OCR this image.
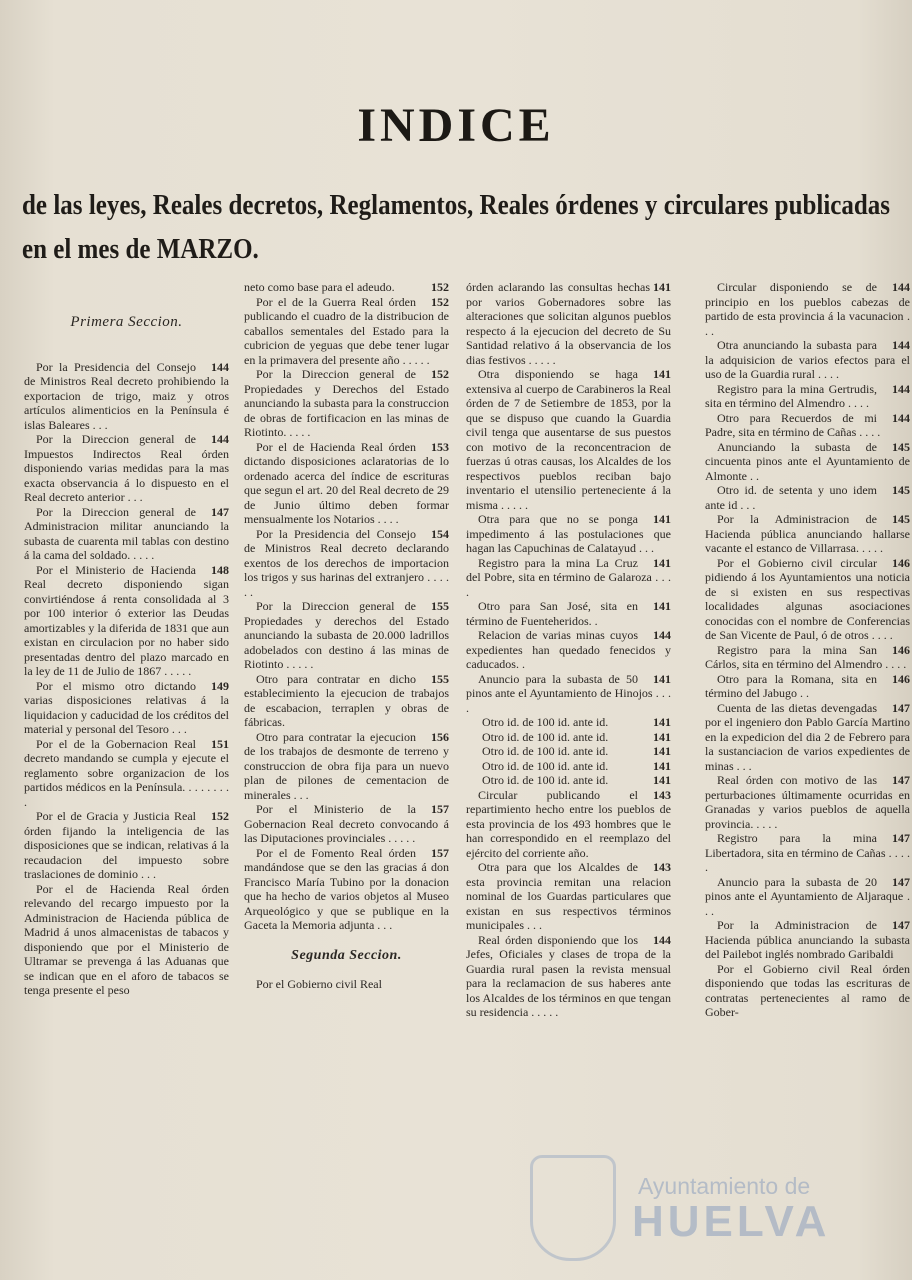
INDICE
de las leyes, Reales decretos, Reglamentos, Reales órdenes y circulares publicadas en el mes de MARZO.
Primera Seccion.

144
Por la Presidencia del Consejo de Ministros Real decreto prohibiendo la exportacion de trigo, maiz y otros artículos alimenticios en la Península é islas Baleares . . .

144
Por la Direccion general de Impuestos Indirectos Real órden disponiendo varias medidas para la mas exacta observancia á lo dispuesto en el Real decreto anterior . . .

147
Por la Direccion general de Administracion militar anunciando la subasta de cuarenta mil tablas con destino á la cama del soldado. . . . .

148
Por el Ministerio de Hacienda Real decreto disponiendo sigan convirtiéndose á renta consolidada al 3 por 100 interior ó exterior las Deudas amortizables y la diferida de 1831 que aun existan en circulacion por no haber sido presentadas dentro del plazo marcado en la ley de 11 de Julio de 1867 . . . . .

149
Por el mismo otro dictando varias disposiciones relativas á la liquidacion y caducidad de los créditos del material y personal del Tesoro . . .

151
Por el de la Gobernacion Real decreto mandando se cumpla y ejecute el reglamento sobre organizacion de los partidos médicos en la Península. . . . . . . . .

152
Por el de Gracia y Justicia Real órden fijando la inteligencia de las disposiciones que se indican, relativas á la recaudacion del impuesto sobre traslaciones de dominio . . .

Por el de Hacienda Real órden relevando del recargo impuesto por la Administracion de Hacienda pública de Madrid á unos almacenistas de tabacos y disponiendo que por el Ministerio de Ultramar se prevenga á las Aduanas que se indican que en el aforo de tabacos se tenga presente el peso

152
neto como base para el adeudo.

152
Por el de la Guerra Real órden publicando el cuadro de la distribucion de caballos sementales del Estado para la cubricion de yeguas que debe tener lugar en la primavera del presente año . . . . .

152
Por la Direccion general de Propiedades y Derechos del Estado anunciando la subasta para la construccion de obras de fortificacion en las minas de Riotinto. . . . .

153
Por el de Hacienda Real órden dictando disposiciones aclaratorias de lo ordenado acerca del índice de escrituras que segun el art. 20 del Real decreto de 29 de Junio último deben formar mensualmente los Notarios . . . .

154
Por la Presidencia del Consejo de Ministros Real decreto declarando exentos de los derechos de importacion los trigos y sus harinas del extranjero . . . . . .

155
Por la Direccion general de Propiedades y derechos del Estado anunciando la subasta de 20.000 ladrillos adobelados con destino á las minas de Riotinto . . . . .

155
Otro para contratar en dicho establecimiento la ejecucion de trabajos de escabacion, terraplen y obras de fábricas.

156
Otro para contratar la ejecucion de los trabajos de desmonte de terreno y construccion de obra fija para un nuevo plan de pilones de cementacion de minerales . . .

157
Por el Ministerio de la Gobernacion Real decreto convocando á las Diputaciones provinciales . . . . .

157
Por el de Fomento Real órden mandándose que se den las gracias á don Francisco María Tubino por la donacion que ha hecho de varios objetos al Museo Arqueológico y que se publique en la Gaceta la Memoria adjunta . . .

Segunda Seccion.

Por el Gobierno civil Real

141
órden aclarando las consultas hechas por varios Gobernadores sobre las alteraciones que solicitan algunos pueblos respecto á la ejecucion del decreto de Su Santidad relativo á la observancia de los dias festivos . . . . .

141
Otra disponiendo se haga extensiva al cuerpo de Carabineros la Real órden de 7 de Setiembre de 1853, por la que se dispuso que cuando la Guardia civil tenga que ausentarse de sus puestos con motivo de la reconcentracion de fuerzas ú otras causas, los Alcaldes de los respectivos pueblos reciban bajo inventario el utensilio perteneciente á la misma . . . . .

141
Otra para que no se ponga impedimento á las postulaciones que hagan las Capuchinas de Calatayud . . .

141
Registro para la mina La Cruz del Pobre, sita en término de Galaroza . . . .

141
Otro para San José, sita en término de Fuenteheridos. .

144
Relacion de varias minas cuyos expedientes han quedado fenecidos y caducados. .

141
Anuncio para la subasta de 50 pinos ante el Ayuntamiento de Hinojos . . . .

141
Otro id. de 100 id. ante id.

141
Otro id. de 100 id. ante id.

141
Otro id. de 100 id. ante id.

141
Otro id. de 100 id. ante id.

141
Otro id. de 100 id. ante id.

143
Circular publicando el repartimiento hecho entre los pueblos de esta provincia de los 493 hombres que le han correspondido en el reemplazo del ejército del corriente año.

143
Otra para que los Alcaldes de esta provincia remitan una relacion nominal de los Guardas particulares que existan en sus respectivos términos municipales . . .

144
Real órden disponiendo que los Jefes, Oficiales y clases de tropa de la Guardia rural pasen la revista mensual para la reclamacion de sus haberes ante los Alcaldes de los términos en que tengan su residencia . . . . .

144
Circular disponiendo se de principio en los pueblos cabezas de partido de esta provincia á la vacunacion . . .

144
Otra anunciando la subasta para la adquisicion de varios efectos para el uso de la Guardia rural . . . .

144
Registro para la mina Gertrudis, sita en término del Almendro . . . .

144
Otro para Recuerdos de mi Padre, sita en término de Cañas . . . .

145
Anunciando la subasta de cincuenta pinos ante el Ayuntamiento de Almonte . .

145
Otro id. de setenta y uno idem ante id . . .

145
Por la Administracion de Hacienda pública anunciando hallarse vacante el estanco de Villarrasa. . . . .

146
Por el Gobierno civil circular pidiendo á los Ayuntamientos una noticia de si existen en sus respectivas localidades algunas asociaciones conocidas con el nombre de Conferencias de San Vicente de Paul, ó de otros . . . .

146
Registro para la mina San Cárlos, sita en término del Almendro . . . .

146
Otro para la Romana, sita en término del Jabugo . .

147
Cuenta de las dietas devengadas por el ingeniero don Pablo García Martino en la expedicion del dia 2 de Febrero para la sustanciacion de varios expedientes de minas . . .

147
Real órden con motivo de las perturbaciones últimamente ocurridas en Granadas y varios pueblos de aquella provincia. . . . .

147
Registro para la mina Libertadora, sita en término de Cañas . . . . .

147
Anuncio para la subasta de 20 pinos ante el Ayuntamiento de Aljaraque . . .

147
Por la Administracion de Hacienda pública anunciando la subasta del Pailebot inglés nombrado Garibaldi

Por el Gobierno civil Real órden disponiendo que todas las escrituras de contratas pertenecientes al ramo de Gober-

Ayuntamiento de
HUELVA
